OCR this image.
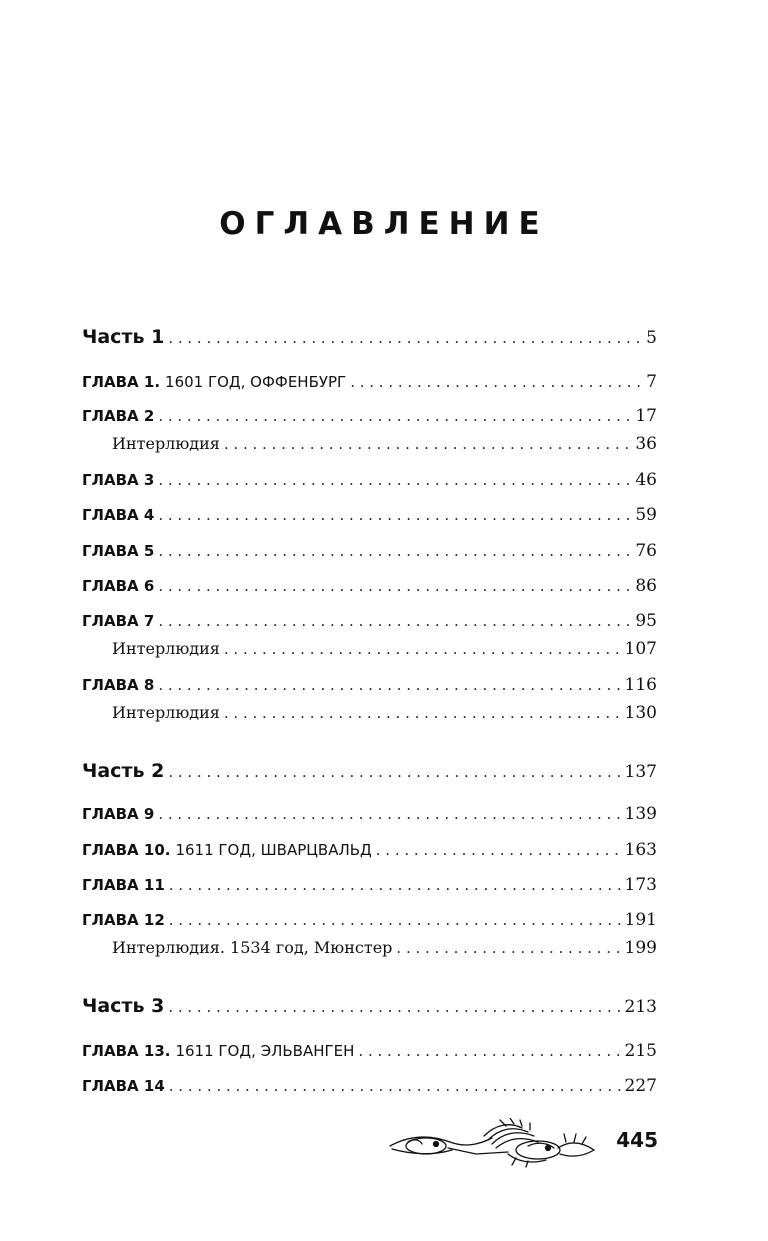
ОГЛАВЛЕНИЕ
Часть 1 . . .	5
ГЛАВА 1. 1601 ГОД, ОФФЕНБУРГ . . .	7
ГЛАВА 2 . . .	17
Интерлюдия . . .	36
ГЛАВА 3 . . .	46
ГЛАВА 4 . . .	59
ГЛАВА 5 . . .	76
ГЛАВА 6 . . .	86
ГЛАВА 7 . . .	95
Интерлюдия . . .	107
ГЛАВА 8 . . .	116
Интерлюдия . . .	130
Часть 2 . . .	137
ГЛАВА 9 . . .	139
ГЛАВА 10. 1611 ГОД, ШВАРЦВАЛЬД . . .	163
ГЛАВА 11 . . .	173
ГЛАВА 12 . . .	191
Интерлюдия. 1534 год, Мюнстер . . .	199
Часть 3 . . .	213
ГЛАВА 13. 1611 ГОД, ЭЛЬВАНГЕН . . .	215
ГЛАВА 14 . . .	227
445
